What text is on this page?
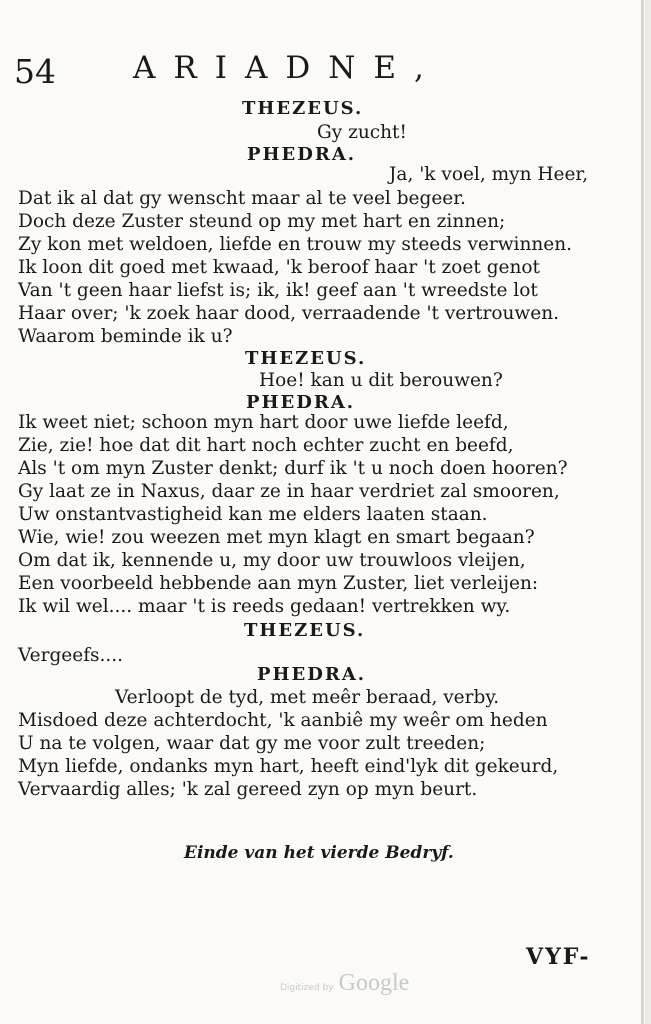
54 ARIADNE,
THEZEUS.
Gy zucht!
PHEDRA.
Ja, 'k voel, myn Heer,
Dat ik al dat gy wenscht maar al te veel begeer.
Doch deze Zuster steund op my met hart en zinnen;
Zy kon met weldoen, liefde en trouw my steeds verwinnen.
Ik loon dit goed met kwaad, 'k beroof haar 't zoet genot
Van 't geen haar liefst is; ik, ik! geef aan 't wreedste lot
Haar over; 'k zoek haar dood, verraadende 't vertrouwen.
Waarom beminde ik u?
THEZEUS.
Hoe! kan u dit berouwen?
PHEDRA.
Ik weet niet; schoon myn hart door uwe liefde leefd,
Zie, zie! hoe dat dit hart noch echter zucht en beefd,
Als 't om myn Zuster denkt; durf ik 't u noch doen hooren?
Gy laat ze in Naxus, daar ze in haar verdriet zal smooren,
Uw onstantvastigheid kan me elders laaten staan.
Wie, wie! zou weezen met myn klagt en smart begaan?
Om dat ik, kennende u, my door uw trouwloos vleijen,
Een voorbeeld hebbende aan myn Zuster, liet verleijen:
Ik wil wel.... maar 't is reeds gedaan! vertrekken wy.
THEZEUS.
Vergeefs....
PHEDRA.
Verloopt de tyd, met meêr beraad, verby.
Misdoed deze achterdocht, 'k aanbiê my weêr om heden
U na te volgen, waar dat gy me voor zult treeden;
Myn liefde, ondanks myn hart, heeft eind'lyk dit gekeurd,
Vervaardig alles; 'k zal gereed zyn op myn beurt.
Einde van het vierde Bedryf.
VYF-
Digitized by Google
